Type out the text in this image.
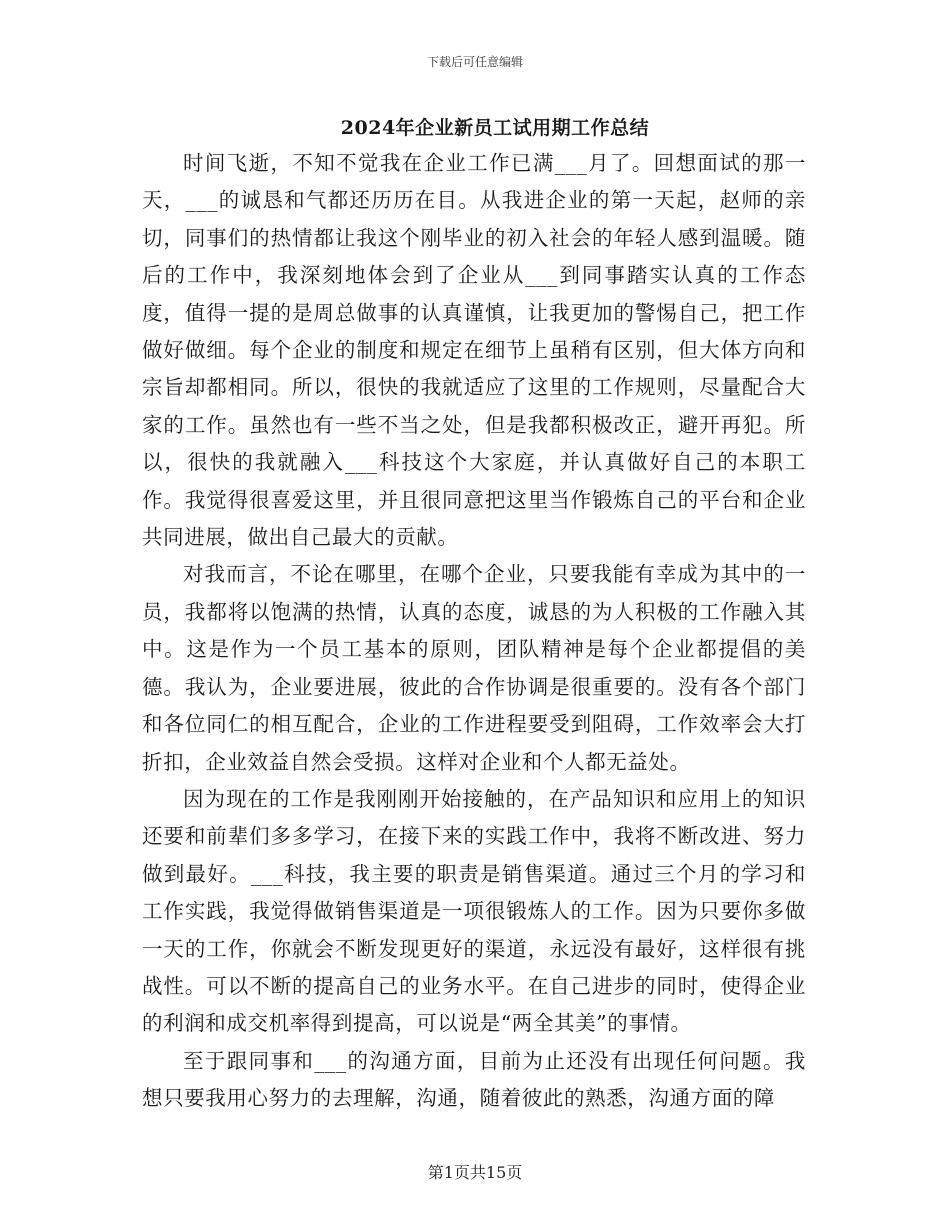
下载后可任意编辑
2024年企业新员工试用期工作总结

时间飞逝，不知不觉我在企业工作已满___月了。回想面试的那一天，___的诚恳和气都还历历在目。从我进企业的第一天起，赵师的亲切，同事们的热情都让我这个刚毕业的初入社会的年轻人感到温暖。随后的工作中，我深刻地体会到了企业从___到同事踏实认真的工作态度，值得一提的是周总做事的认真谨慎，让我更加的警惕自己，把工作做好做细。每个企业的制度和规定在细节上虽稍有区别，但大体方向和宗旨却都相同。所以，很快的我就适应了这里的工作规则，尽量配合大家的工作。虽然也有一些不当之处，但是我都积极改正，避开再犯。所以，很快的我就融入___科技这个大家庭，并认真做好自己的本职工作。我觉得很喜爱这里，并且很同意把这里当作锻炼自己的平台和企业共同进展，做出自己最大的贡献。

对我而言，不论在哪里，在哪个企业，只要我能有幸成为其中的一员，我都将以饱满的热情，认真的态度，诚恳的为人积极的工作融入其中。这是作为一个员工基本的原则，团队精神是每个企业都提倡的美德。我认为，企业要进展，彼此的合作协调是很重要的。没有各个部门和各位同仁的相互配合，企业的工作进程要受到阻碍，工作效率会大打折扣，企业效益自然会受损。这样对企业和个人都无益处。

因为现在的工作是我刚刚开始接触的，在产品知识和应用上的知识还要和前辈们多多学习，在接下来的实践工作中，我将不断改进、努力做到最好。___科技，我主要的职责是销售渠道。通过三个月的学习和工作实践，我觉得做销售渠道是一项很锻炼人的工作。因为只要你多做一天的工作，你就会不断发现更好的渠道，永远没有最好，这样很有挑战性。可以不断的提高自己的业务水平。在自己进步的同时，使得企业的利润和成交机率得到提高，可以说是“两全其美”的事情。

至于跟同事和___的沟通方面，目前为止还没有出现任何问题。我想只要我用心努力的去理解，沟通，随着彼此的熟悉，沟通方面的障

第1页共15页
